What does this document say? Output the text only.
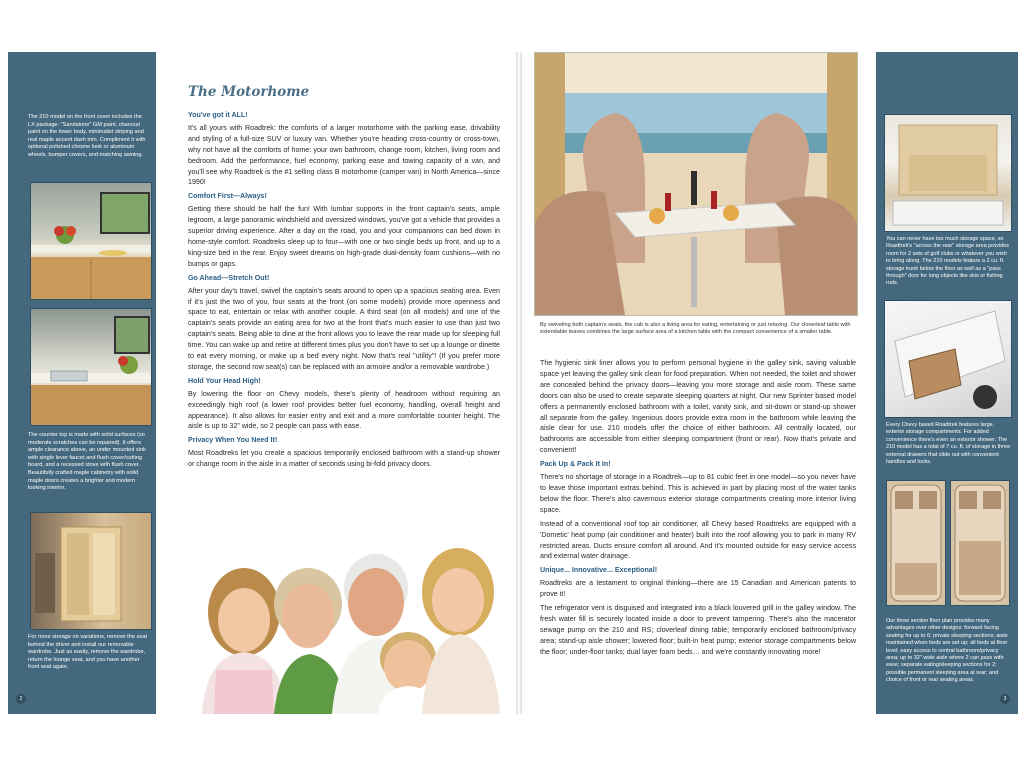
The 210 model on the front cover includes the LX package: "Sandstone" GM paint, charcoal paint on the lower body, minimalist striping and real maple accent dash trim. Compliment it with optional polished chrome look or aluminum wheels, bumper covers, and matching awning.
The counter top is made with solid surfaces (so moderate scratches can be repaired). It offers ample clearance above, an under mounted sink with single lever faucet and flush cover/cutting board, and a recessed stove with flush cover. Beautifully crafted maple cabinetry with solid maple doors creates a brighter and modern looking interior.
For more storage on vacations, remove the seat behind the driver and install our removable wardrobe. Just as easily, remove the wardrobe, return the lounge seat, and you have another front seat again.
2
The Motorhome
You've got it ALL!

It's all yours with Roadtrek: the comforts of a larger motorhome with the parking ease, drivability and styling of a full-size SUV or luxury van. Whether you're heading cross-country or cross-town, why not have all the comforts of home: your own bathroom, change room, kitchen, living room and bedroom. Add the performance, fuel economy, parking ease and towing capacity of a van, and you'll see why Roadtrek is the #1 selling class B motorhome (camper van) in North America—since 1990!

Comfort First—Always!

Getting there should be half the fun! With lumbar supports in the front captain's seats, ample legroom, a large panoramic windshield and oversized windows, you've got a vehicle that provides a superior driving experience. After a day on the road, you and your companions can bed down in home-style comfort. Roadtreks sleep up to four—with one or two single beds up front, and up to a king-size bed in the rear. Enjoy sweet dreams on high-grade dual-density foam cushions—with no bumps or gaps.

Go Ahead—Stretch Out!

After your day's travel, swivel the captain's seats around to open up a spacious seating area. Even if it's just the two of you, four seats at the front (on some models) provide more openness and space to eat, entertain or relax with another couple. A third seat (on all models) and one of the captain's seats provide an eating area for two at the front that's much easier to use than just two captain's seats. Being able to dine at the front allows you to leave the rear made up for sleeping full time. You can wake up and retire at different times plus you don't have to set up a lounge or dinette to eat every morning, or make up a bed every night. Now that's real "utility"! (If you prefer more storage, the second row seat(s) can be replaced with an armoire and/or a removable wardrobe.)

Hold Your Head High!

By lowering the floor on Chevy models, there's plenty of headroom without requiring an exceedingly high roof (a lower roof provides better fuel economy, handling, overall height and appearance). It also allows for easier entry and exit and a more comfortable counter height. The aisle is up to 32" wide, so 2 people can pass with ease.

Privacy When You Need It!

Most Roadtreks let you create a spacious temporarily enclosed bathroom with a stand-up shower or change room in the aisle in a matter of seconds using bi-fold privacy doors.

By swiveling both captain's seats, the cab is also a living area for eating, entertaining or just relaxing. Our cloverleaf table with extendable leaves combines the large surface area of a kitchen table with the compact convenience of a smaller table.

The hygienic sink liner allows you to perform personal hygiene in the galley sink, saving valuable space yet leaving the galley sink clean for food preparation. When not needed, the toilet and shower are concealed behind the privacy doors—leaving you more storage and aisle room. These same doors can also be used to create separate sleeping quarters at night. Our new Sprinter based model offers a permanently enclosed bathroom with a toilet, vanity sink, and sit-down or stand-up shower all separate from the galley. Ingenious doors provide extra room in the bathroom while leaving the aisle clear for use. 210 models offer the choice of either bathroom. All centrally located, our bathrooms are accessible from either sleeping compartment (front or rear). Now that's private and convenient!

Pack Up & Pack It In!

There's no shortage of storage in a Roadtrek—up to 81 cubic feet in one model—so you never have to leave those important extras behind. This is achieved in part by placing most of the water tanks below the floor. There's also cavernous exterior storage compartments creating more interior living space.

Instead of a conventional roof top air conditioner, all Chevy based Roadtreks are equipped with a 'Dometic' heat pump (air conditioner and heater) built into the roof allowing you to park in many RV restricted areas. Ducts ensure comfort all around. And it's mounted outside for easy service access and external water drainage.

Unique... Innovative... Exceptional!

Roadtreks are a testament to original thinking—there are 15 Canadian and American patents to prove it!

The refrigerator vent is disguised and integrated into a black louvered grill in the galley window. The fresh water fill is securely located inside a door to prevent tampering. There's also the macerator sewage pump on the 210 and RS; cloverleaf dining table; temporarily enclosed bathroom/privacy area; stand-up aisle shower; lowered floor; built-in heat pump; exterior storage compartments below the floor; under-floor tanks; dual layer foam beds… and we're constantly innovating more!

You can never have too much storage space, so Roadtrek's "across the rear" storage area provides room for 2 sets of golf clubs or whatever you wish to bring along. The 210 models feature a 2 cu. ft. storage trunk below the floor as well as a "pass through" door for long objects like skis or fishing rods.
Every Chevy based Roadtrek features large, exterior storage compartments. For added convenience there's even an exterior shower. The 210 model has a total of 7 cu. ft. of storage in three external drawers that slide out with convenient handles and locks.
Our three section floor plan provides many advantages over other designs: forward facing seating for up to 6; private sleeping sections; aisle maintained when beds are set up; all beds at floor level; easy access to central bathroom/privacy area; up to 32" wide aisle where 2 can pass with ease; separate eating/sleeping sections for 2; possible permanent sleeping area at rear; and choice of front or rear seating areas.
3
